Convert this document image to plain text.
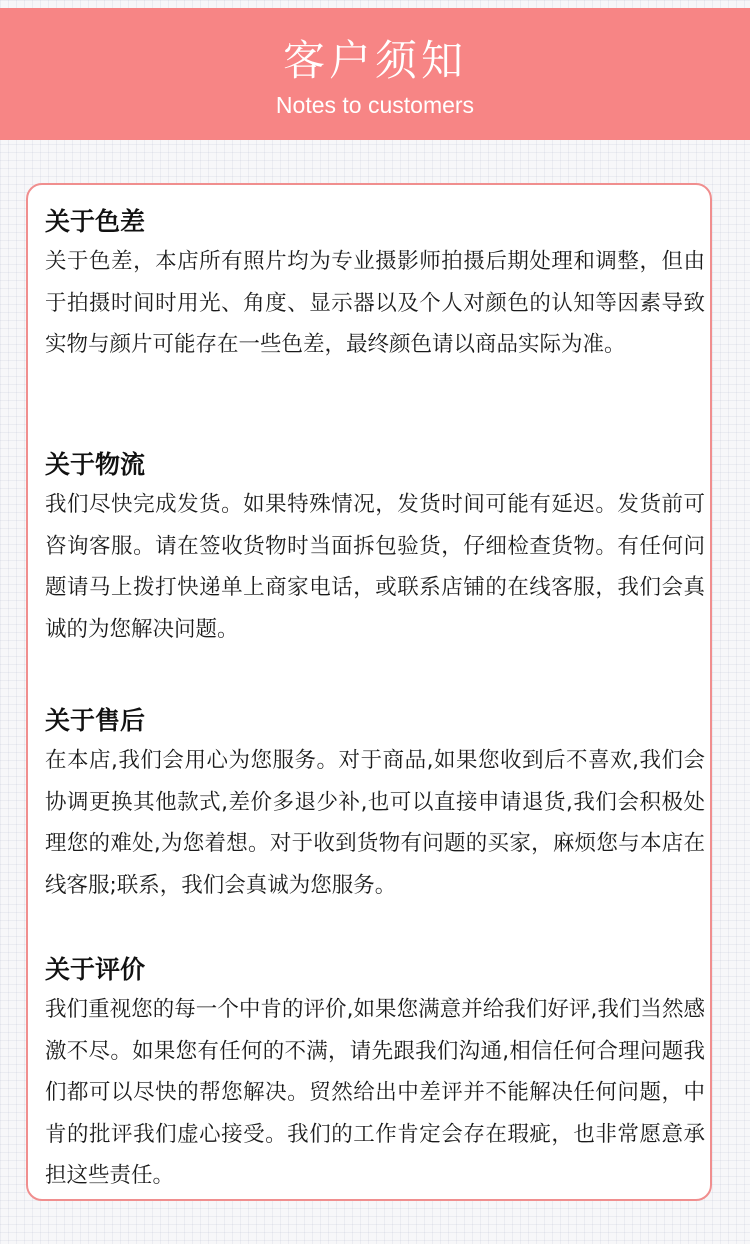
客户须知
Notes to customers
关于色差

关于色差，本店所有照片均为专业摄影师拍摄后期处理和调整，但由于拍摄时间时用光、角度、显示器以及个人对颜色的认知等因素导致实物与颜片可能存在一些色差，最终颜色请以商品实际为准。

关于物流

我们尽快完成发货。如果特殊情况，发货时间可能有延迟。发货前可咨询客服。请在签收货物时当面拆包验货，仔细检查货物。有任何问题请马上拨打快递单上商家电话，或联系店铺的在线客服，我们会真诚的为您解决问题。

关于售后

在本店,我们会用心为您服务。对于商品,如果您收到后不喜欢,我们会协调更换其他款式,差价多退少补,也可以直接申请退货,我们会积极处理您的难处,为您着想。对于收到货物有问题的买家，麻烦您与本店在线客服;联系，我们会真诚为您服务。

关于评价

我们重视您的每一个中肯的评价,如果您满意并给我们好评,我们当然感激不尽。如果您有任何的不满，请先跟我们沟通,相信任何合理问题我们都可以尽快的帮您解决。贸然给出中差评并不能解决任何问题，中肯的批评我们虚心接受。我们的工作肯定会存在瑕疵，也非常愿意承担这些责任。
